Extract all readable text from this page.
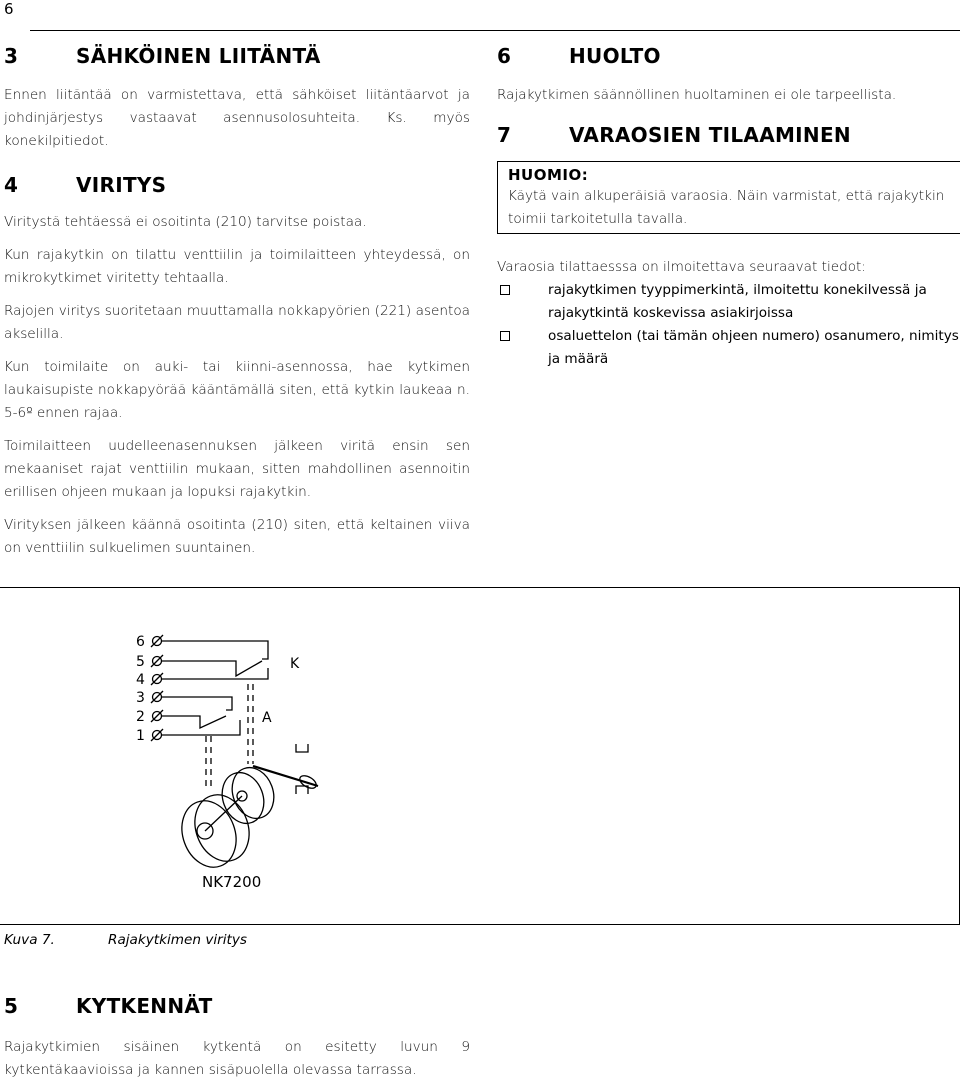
6
3	SÄHKÖINEN LIITÄNTÄ

Ennen liitäntää on varmistettava, että sähköiset liitäntäarvot ja johdinjärjestys vastaavat asennusolosuhteita. Ks. myös konekilpitiedot.

4	VIRITYS

Viritystä tehtäessä ei osoitinta (210) tarvitse poistaa.

Kun rajakytkin on tilattu venttiilin ja toimilaitteen yhteydessä, on mikrokytkimet viritetty tehtaalla.

Rajojen viritys suoritetaan muuttamalla nokkapyörien (221) asentoa akselilla.

Kun toimilaite on auki- tai kiinni-asennossa, hae kytkimen laukaisupiste nokkapyörää kääntämällä siten, että kytkin laukeaa n. 5-6º ennen rajaa.

Toimilaitteen uudelleenasennuksen jälkeen viritä ensin sen mekaaniset rajat venttiilin mukaan, sitten mahdollinen asennoitin erillisen ohjeen mukaan ja lopuksi rajakytkin.

Virityksen jälkeen käännä osoitinta (210) siten, että keltainen viiva on venttiilin sulkuelimen suuntainen.

6	HUOLTO

Rajakytkimen säännöllinen huoltaminen ei ole tarpeellista.

7	VARAOSIEN TILAAMINEN
HUOMIO:

Käytä vain alkuperäisiä varaosia. Näin varmistat, että rajakytkin toimii tarkoitetulla tavalla.

Varaosia tilattaesssa on ilmoitettava seuraavat tiedot:

rajakytkimen tyyppimerkintä, ilmoitettu konekilvessä ja rajakytkintä koskevissa asiakirjoissa
osaluettelon (tai tämän ohjeen numero) osanumero, nimitys ja määrä
6
5
4
3
2
1
K
A
NK7200
Kuva 7.	Rajakytkimen viritys
5	KYTKENNÄT

Rajakytkimien sisäinen kytkentä on esitetty luvun 9 kytkentäkaavioissa ja kannen sisäpuolella olevassa tarrassa.
